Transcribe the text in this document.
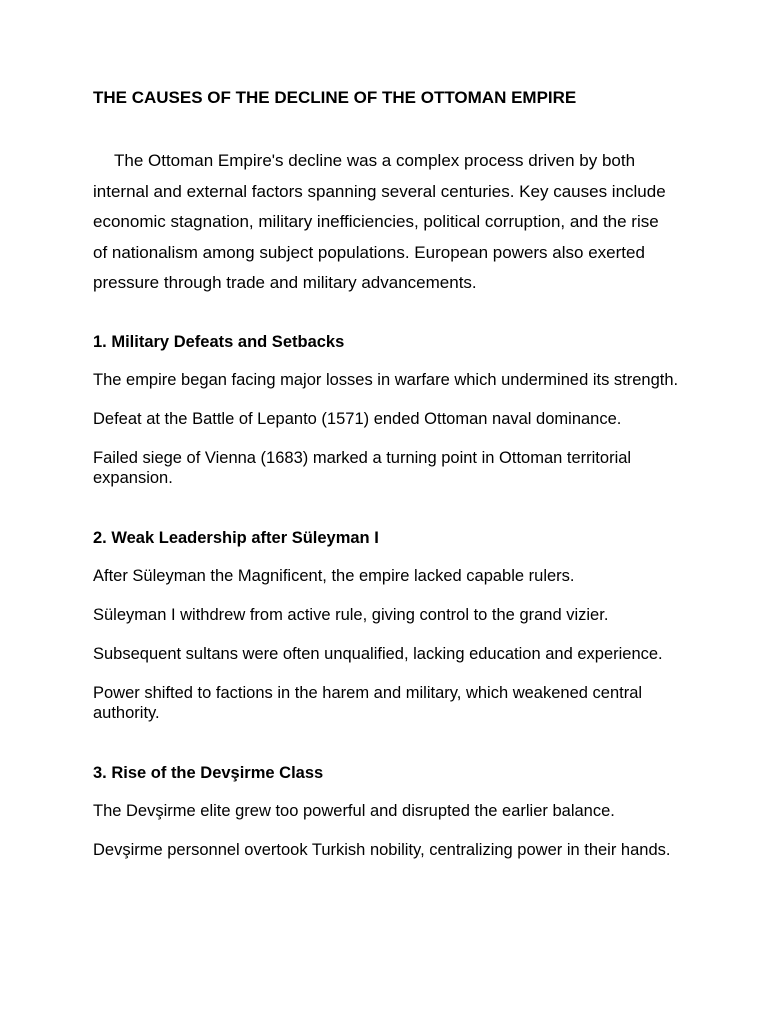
THE CAUSES OF THE DECLINE OF THE OTTOMAN EMPIRE

The Ottoman Empire's decline was a complex process driven by both internal and external factors spanning several centuries. Key causes include economic stagnation, military inefficiencies, political corruption, and the rise of nationalism among subject populations. European powers also exerted pressure through trade and military advancements.

1. Military Defeats and Setbacks

The empire began facing major losses in warfare which undermined its strength.

Defeat at the Battle of Lepanto (1571) ended Ottoman naval dominance.

Failed siege of Vienna (1683) marked a turning point in Ottoman territorial expansion.

2. Weak Leadership after Süleyman I

After Süleyman the Magnificent, the empire lacked capable rulers.

Süleyman I withdrew from active rule, giving control to the grand vizier.

Subsequent sultans were often unqualified, lacking education and experience.

Power shifted to factions in the harem and military, which weakened central authority.

3. Rise of the Devşirme Class

The Devşirme elite grew too powerful and disrupted the earlier balance.

Devşirme personnel overtook Turkish nobility, centralizing power in their hands.
